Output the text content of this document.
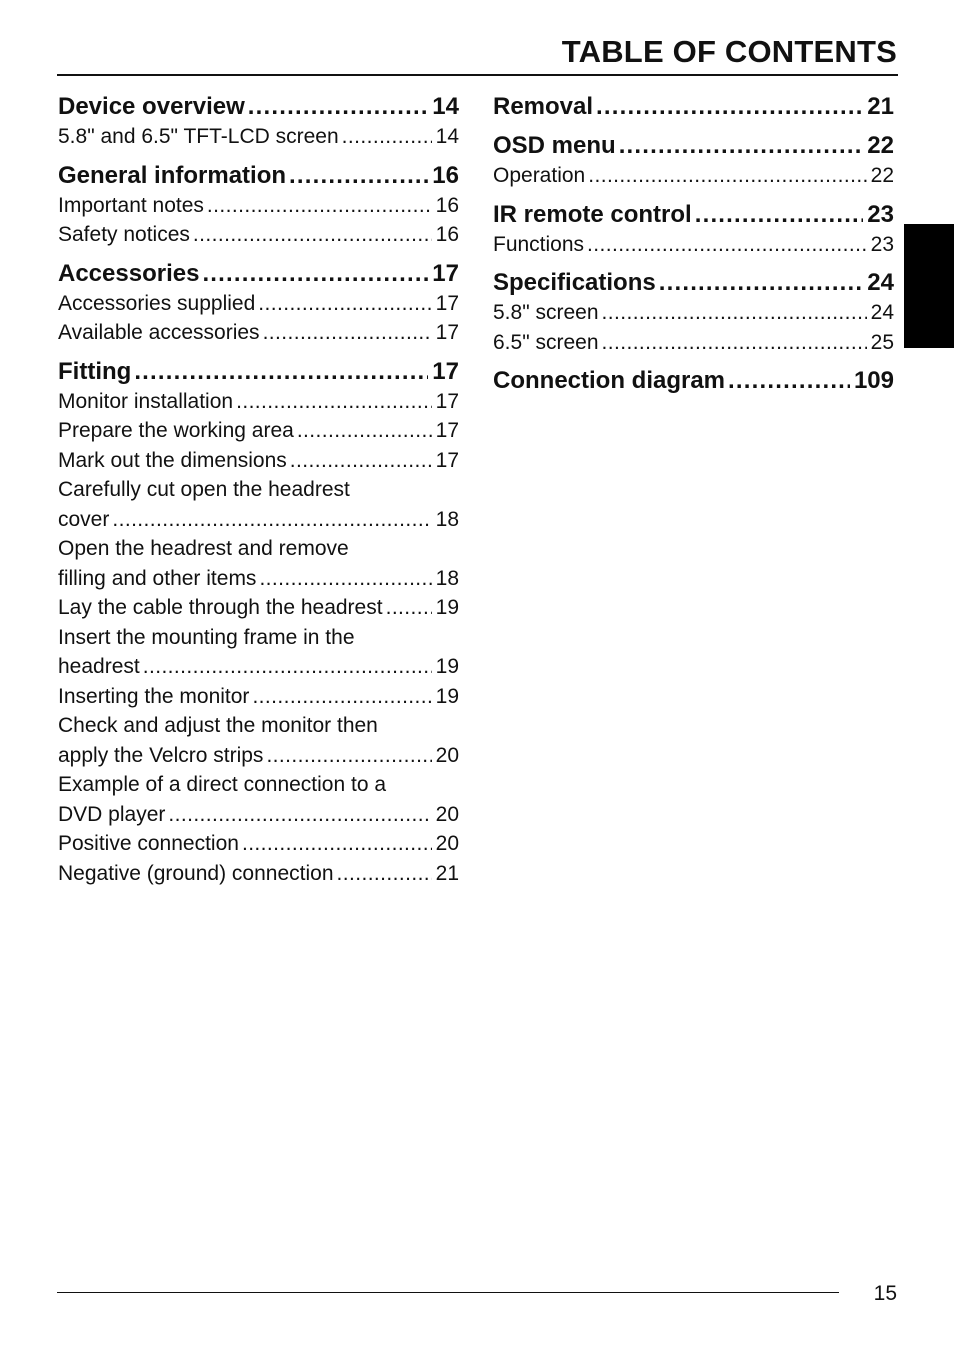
TABLE OF CONTENTS
Device overview .....	14
5.8" and 6.5" TFT-LCD screen .....	14
General information .....	16
Important notes .....	16
Safety notices .....	16
Accessories .....	17
Accessories supplied .....	17
Available accessories .....	17
Fitting .....	17
Monitor installation .....	17
Prepare the working area .....	17
Mark out the dimensions .....	17
Carefully cut open the headrest
cover .....	18
Open the headrest and remove
filling and other items .....	18
Lay the cable through the headrest .....	19
Insert the mounting frame in the
headrest .....	19
Inserting the monitor .....	19
Check and adjust the monitor then
apply the Velcro strips .....	20
Example of a direct connection to a
DVD player .....	20
Positive connection .....	20
Negative (ground) connection .....	21
Removal .....	21
OSD menu .....	22
Operation .....	22
IR remote control .....	23
Functions .....	23
Specifications .....	24
5.8" screen .....	24
6.5" screen .....	25
Connection diagram .....	109
15
